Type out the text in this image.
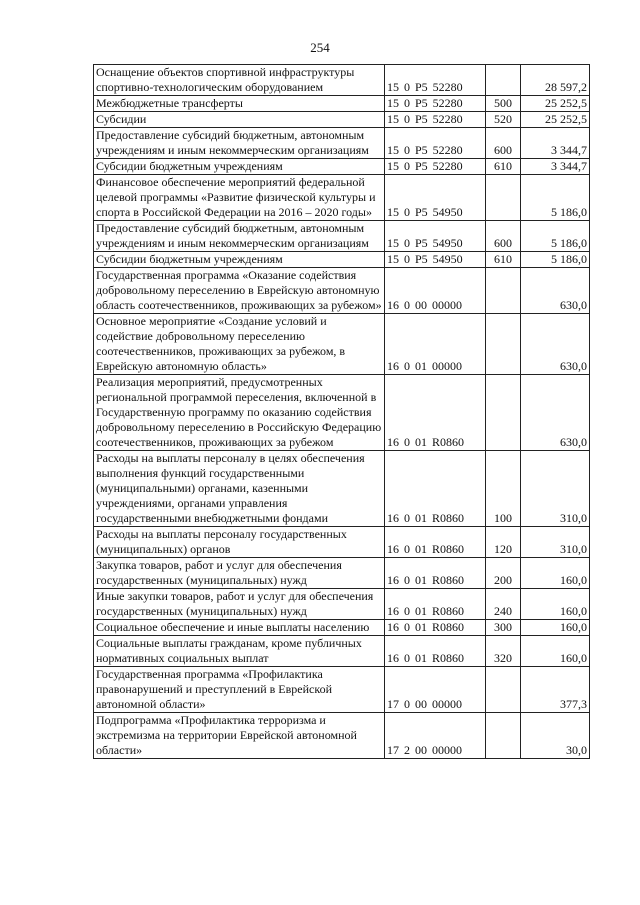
254
Оснащение объектов спортивной инфраструктуры спортивно-технологическим оборудованием	15 0 Р5 52280		28 597,2
Межбюджетные трансферты	15 0 Р5 52280	500	25 252,5
Субсидии	15 0 Р5 52280	520	25 252,5
Предоставление субсидий бюджетным, автономным учреждениям и иным некоммерческим организациям	15 0 Р5 52280	600	3 344,7
Субсидии бюджетным учреждениям	15 0 Р5 52280	610	3 344,7
Финансовое обеспечение мероприятий федеральной целевой программы «Развитие физической культуры и спорта в Российской Федерации на 2016 – 2020 годы»	15 0 Р5 54950		5 186,0
Предоставление субсидий бюджетным, автономным учреждениям и иным некоммерческим организациям	15 0 Р5 54950	600	5 186,0
Субсидии бюджетным учреждениям	15 0 Р5 54950	610	5 186,0
Государственная программа «Оказание содействия добровольному переселению в Еврейскую автономную область соотечественников, проживающих за рубежом»	16 0 00 00000		630,0
Основное мероприятие «Создание условий и содействие добровольному переселению соотечественников, проживающих за рубежом, в Еврейскую автономную область»	16 0 01 00000		630,0
Реализация мероприятий, предусмотренных региональной программой переселения, включенной в Государственную программу по оказанию содействия добровольному переселению в Российскую Федерацию соотечественников, проживающих за рубежом	16 0 01 R0860		630,0
Расходы на выплаты персоналу в целях обеспечения выполнения функций государственными (муниципальными) органами, казенными учреждениями, органами управления государственными внебюджетными фондами	16 0 01 R0860	100	310,0
Расходы на выплаты персоналу государственных (муниципальных) органов	16 0 01 R0860	120	310,0
Закупка товаров, работ и услуг для обеспечения государственных (муниципальных) нужд	16 0 01 R0860	200	160,0
Иные закупки товаров, работ и услуг для обеспечения государственных (муниципальных) нужд	16 0 01 R0860	240	160,0
Социальное обеспечение и иные выплаты населению	16 0 01 R0860	300	160,0
Социальные выплаты гражданам, кроме публичных нормативных социальных выплат	16 0 01 R0860	320	160,0
Государственная программа «Профилактика правонарушений и преступлений в Еврейской автономной области»	17 0 00 00000		377,3
Подпрограмма «Профилактика терроризма и экстремизма на территории Еврейской автономной области»	17 2 00 00000		30,0
